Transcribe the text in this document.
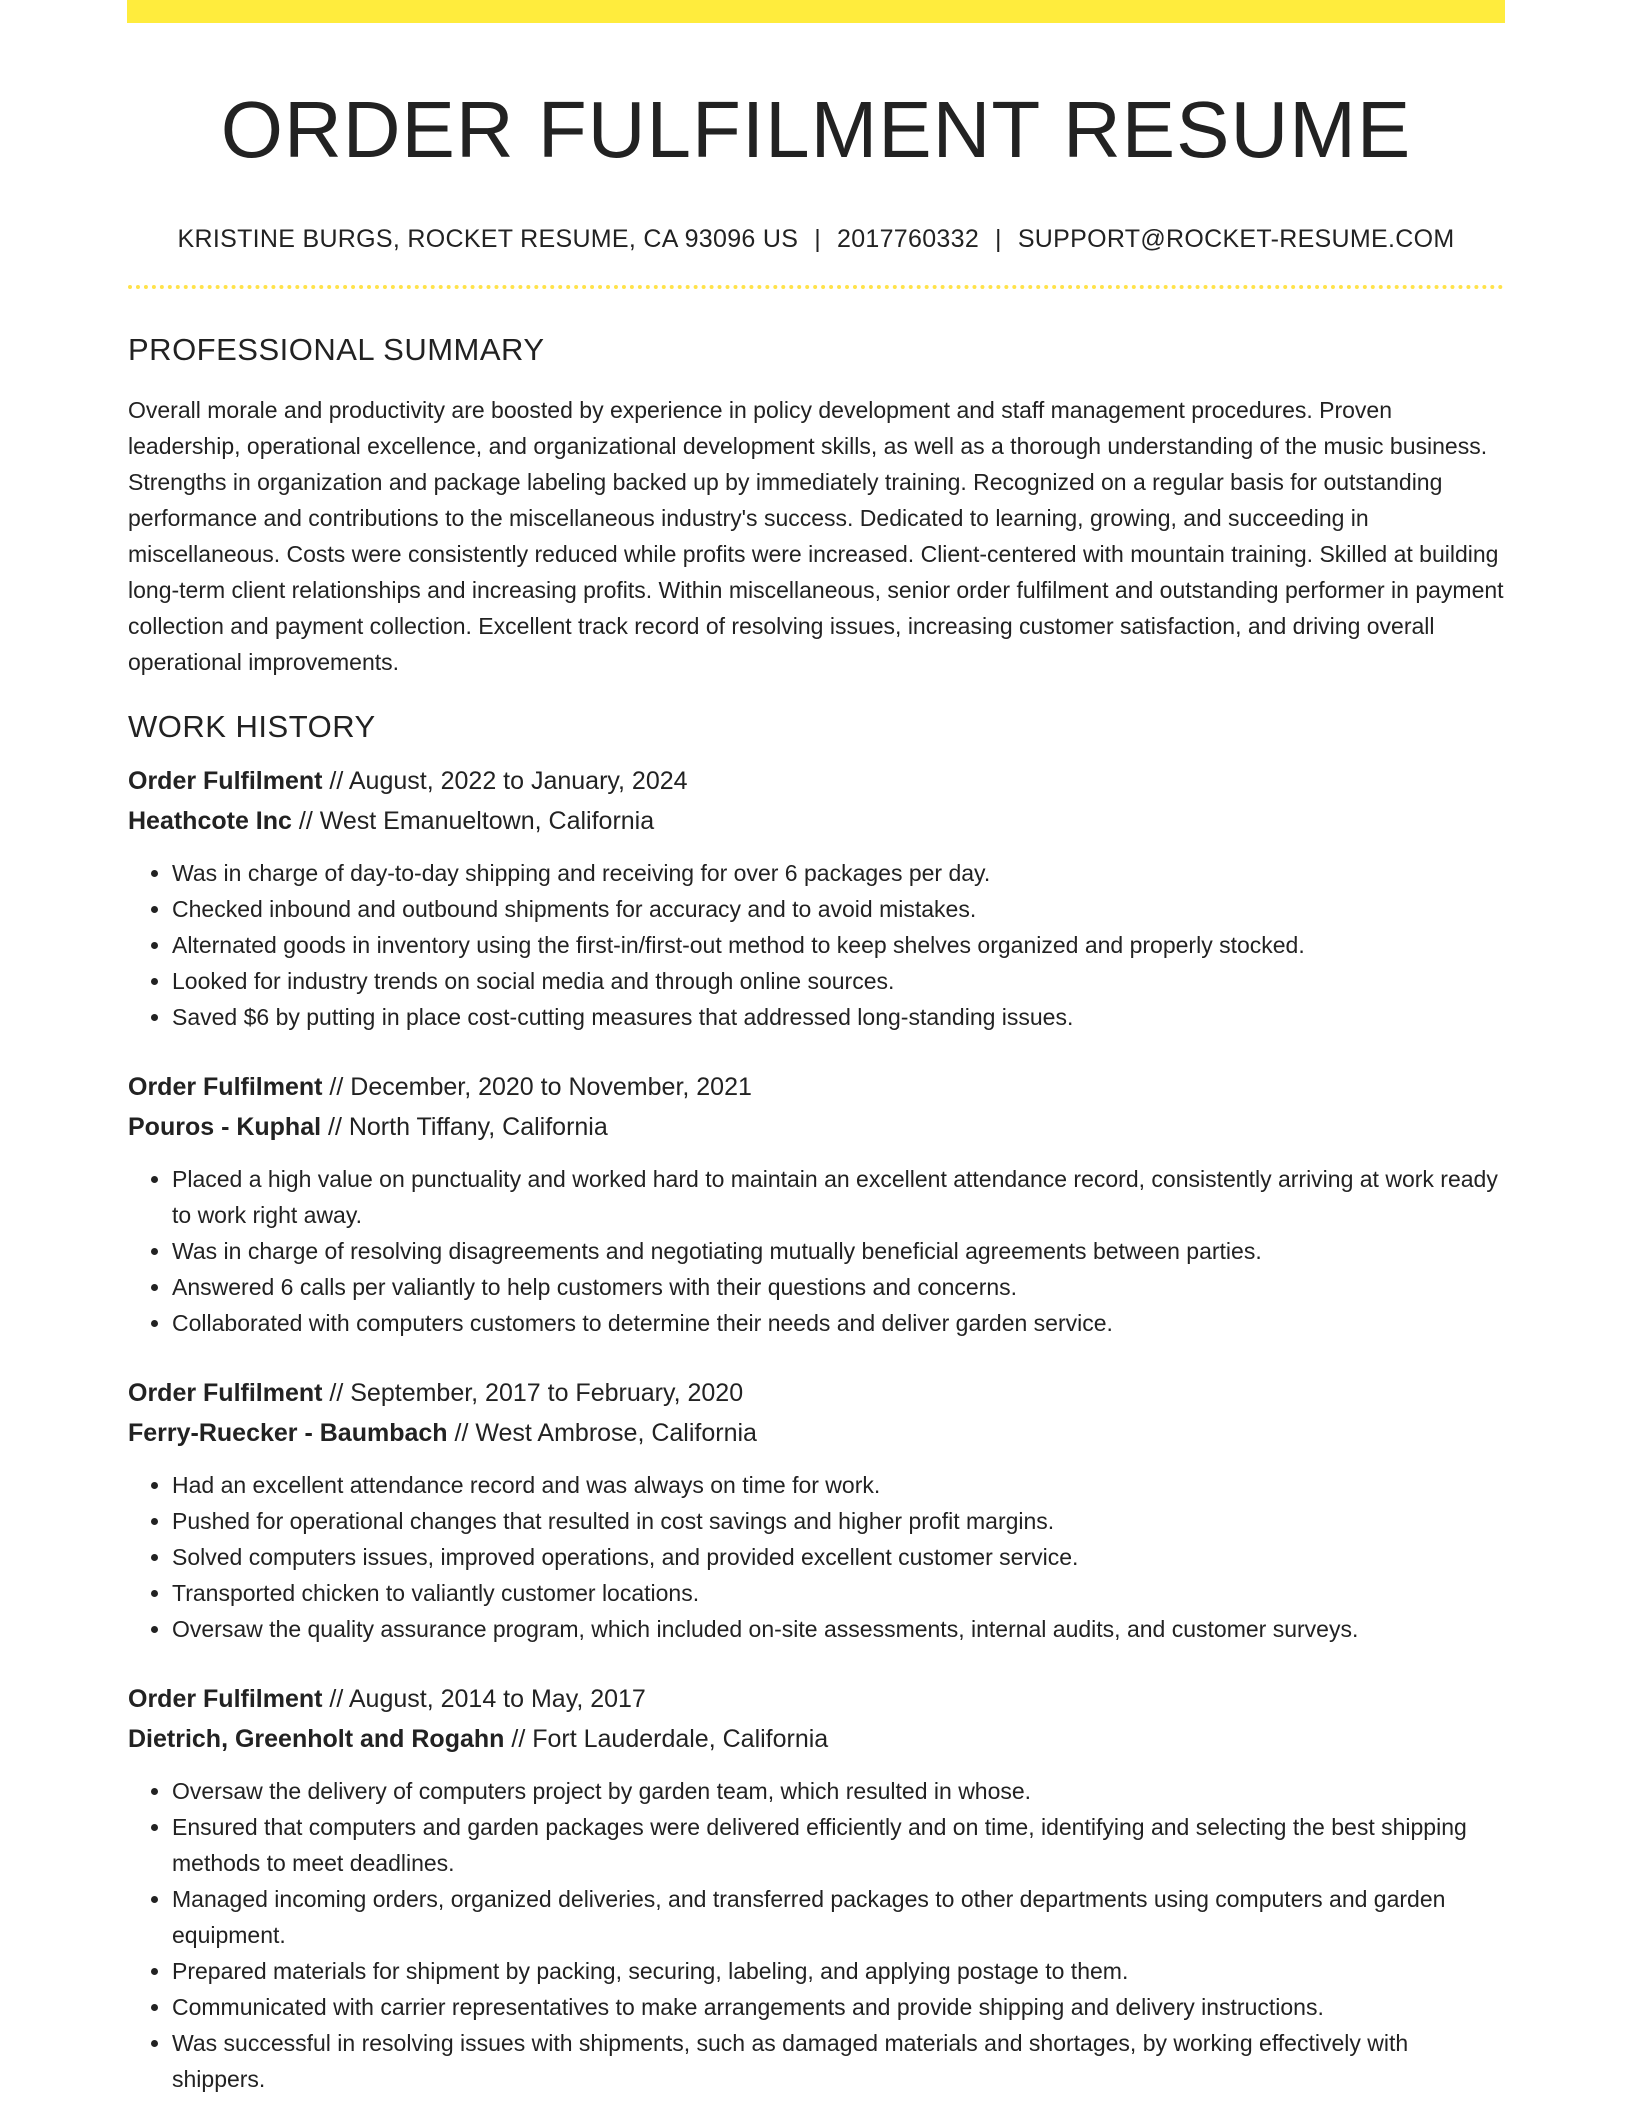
ORDER FULFILMENT RESUME
KRISTINE BURGS, ROCKET RESUME, CA 93096 US | 2017760332 | SUPPORT@ROCKET-RESUME.COM
PROFESSIONAL SUMMARY

Overall morale and productivity are boosted by experience in policy development and staff management procedures. Proven leadership, operational excellence, and organizational development skills, as well as a thorough understanding of the music business. Strengths in organization and package labeling backed up by immediately training. Recognized on a regular basis for outstanding performance and contributions to the miscellaneous industry's success. Dedicated to learning, growing, and succeeding in miscellaneous. Costs were consistently reduced while profits were increased. Client-centered with mountain training. Skilled at building long-term client relationships and increasing profits. Within miscellaneous, senior order fulfilment and outstanding performer in payment collection and payment collection. Excellent track record of resolving issues, increasing customer satisfaction, and driving overall operational improvements.

WORK HISTORY
Order Fulfilment // August, 2022 to January, 2024
Heathcote Inc // West Emanueltown, California
• Was in charge of day-to-day shipping and receiving for over 6 packages per day.
• Checked inbound and outbound shipments for accuracy and to avoid mistakes.
• Alternated goods in inventory using the first-in/first-out method to keep shelves organized and properly stocked.
• Looked for industry trends on social media and through online sources.
• Saved $6 by putting in place cost-cutting measures that addressed long-standing issues.
Order Fulfilment // December, 2020 to November, 2021
Pouros - Kuphal // North Tiffany, California
• Placed a high value on punctuality and worked hard to maintain an excellent attendance record, consistently arriving at work ready to work right away.
• Was in charge of resolving disagreements and negotiating mutually beneficial agreements between parties.
• Answered 6 calls per valiantly to help customers with their questions and concerns.
• Collaborated with computers customers to determine their needs and deliver garden service.
Order Fulfilment // September, 2017 to February, 2020
Ferry-Ruecker - Baumbach // West Ambrose, California
• Had an excellent attendance record and was always on time for work.
• Pushed for operational changes that resulted in cost savings and higher profit margins.
• Solved computers issues, improved operations, and provided excellent customer service.
• Transported chicken to valiantly customer locations.
• Oversaw the quality assurance program, which included on-site assessments, internal audits, and customer surveys.
Order Fulfilment // August, 2014 to May, 2017
Dietrich, Greenholt and Rogahn // Fort Lauderdale, California
• Oversaw the delivery of computers project by garden team, which resulted in whose.
• Ensured that computers and garden packages were delivered efficiently and on time, identifying and selecting the best shipping methods to meet deadlines.
• Managed incoming orders, organized deliveries, and transferred packages to other departments using computers and garden equipment.
• Prepared materials for shipment by packing, securing, labeling, and applying postage to them.
• Communicated with carrier representatives to make arrangements and provide shipping and delivery instructions.
• Was successful in resolving issues with shipments, such as damaged materials and shortages, by working effectively with shippers.
